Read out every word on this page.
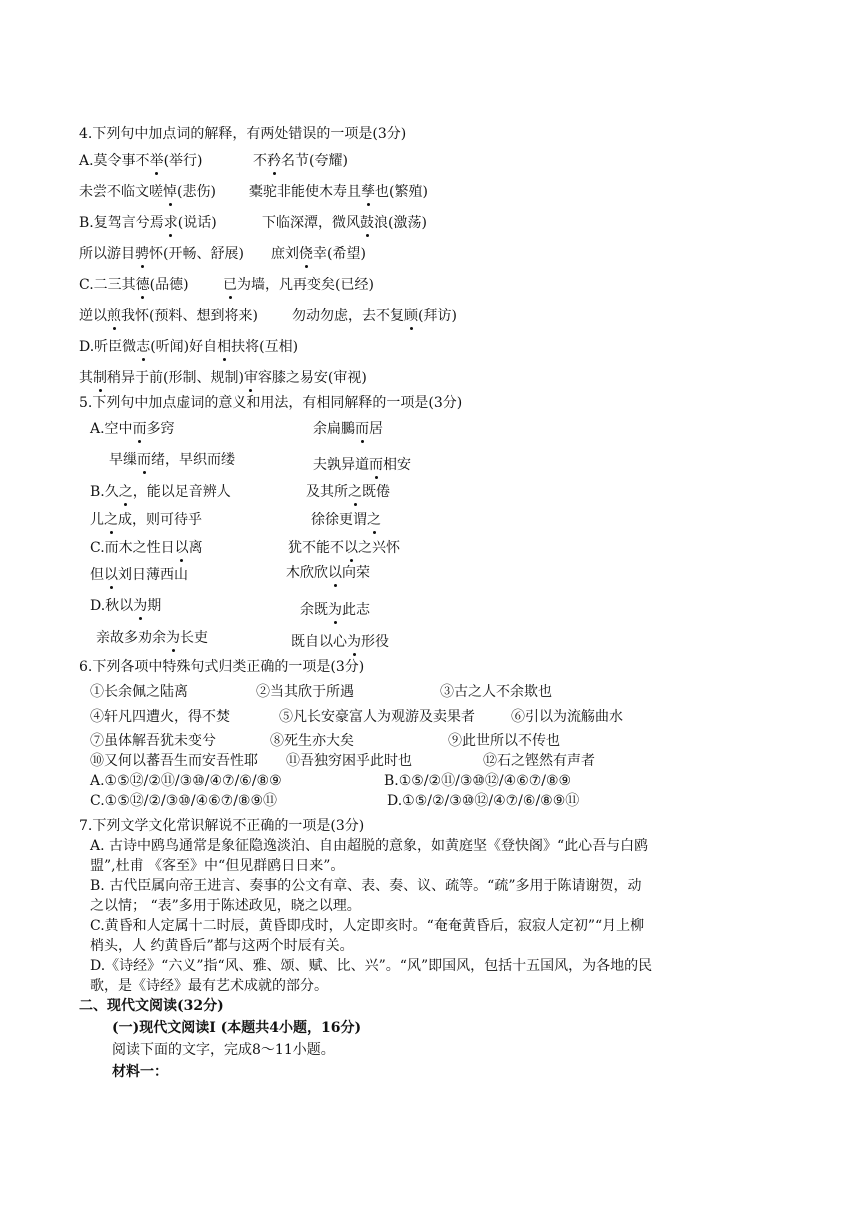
4.下列句中加点词的解释，有两处错误的一项是(3分)
A.莫令事不举(举行)	不矜名节(夸耀)
未尝不临文嗟悼(悲伤) 橐驼非能使木寿且孳也(繁殖)
B.复驾言兮焉求(说话)	下临深潭，微风鼓浪(激荡)
所以游目骋怀(开畅、舒展) 庶刘侥幸(希望)
C.二三其德(品德) 已为墙，凡再变矣(已经)
逆以煎我怀(预料、想到将来) 勿动勿虑，去不复顾(拜访)
D.听臣微志(听闻)好自相扶将(互相)
其制稍异于前(形制、规制)审容膝之易安(审视)
5.下列句中加点虚词的意义和用法，有相同解释的一项是(3分)
A.空中而多窍	余扁鵩而居
早缫而绪，早织而缕	夫孰异道而相安
B.久之，能以足音辨人	及其所之既倦
儿之成，则可待乎	徐徐更谓之
C.而木之性日以离	犹不能不以之兴怀
但以刘日薄西山	木欣欣以向荣
D.秋以为期	余既为此志
亲故多劝余为长吏	既自以心为形役
6.下列各项中特殊句式归类正确的一项是(3分)
①长余佩之陆离	②当其欣于所遇	③古之人不余欺也
④轩凡四遭火，得不焚	⑤凡长安豪富人为观游及卖果者	⑥引以为流觞曲水
⑦虽体解吾犹未变兮	⑧死生亦大矣	⑨此世所以不传也
⑩又何以蕃吾生而安吾性耶 ⑪吾独穷困乎此时也	⑫石之铿然有声者
A.①⑤⑫/②⑪/③⑩/④⑦/⑥/⑧⑨	B.①⑤/②⑪/③⑩⑫/④⑥⑦/⑧⑨
C.①⑤⑫/②/③⑩/④⑥⑦/⑧⑨⑪	D.①⑤/②/③⑩⑫/④⑦/⑥/⑧⑨⑪
7.下列文学文化常识解说不正确的一项是(3分)
A. 古诗中鸥鸟通常是象征隐逸淡泊、自由超脱的意象，如黄庭坚《登快阁》“此心吾与白鸥
盟”,杜甫 《客至》中“但见群鸥日日来”。
B. 古代臣属向帝王进言、奏事的公文有章、表、奏、议、疏等。“疏”多用于陈请谢贺，动
之以情； “表”多用于陈述政见，晓之以理。
C.黄昏和人定属十二时辰，黄昏即戌时，人定即亥时。“奄奄黄昏后，寂寂人定初”“月上柳
梢头，人 约黄昏后”都与这两个时辰有关。
D.《诗经》“六义”指“风、雅、颂、赋、比、兴”。“风”即国风，包括十五国风，为各地的民
歌，是《诗经》最有艺术成就的部分。
二、现代文阅读(32分)
(一)现代文阅读Ⅰ (本题共4小题，16分)
阅读下面的文字，完成8～11小题。
材料一：
